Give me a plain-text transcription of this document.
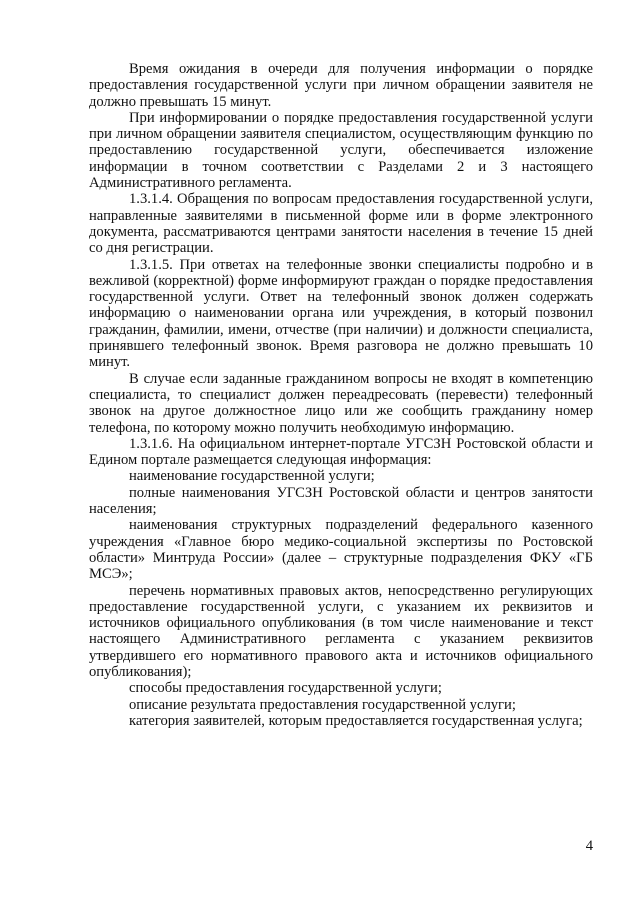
Время ожидания в очереди для получения информации о порядке предоставления государственной услуги при личном обращении заявителя не должно превышать 15 минут.

При информировании о порядке предоставления государственной услуги при личном обращении заявителя специалистом, осуществляющим функцию по предоставлению государственной услуги, обеспечивается изложение информации в точном соответствии с Разделами 2 и 3 настоящего Административного регламента.

1.3.1.4. Обращения по вопросам предоставления государственной услуги, направленные заявителями в письменной форме или в форме электронного документа, рассматриваются центрами занятости населения в течение 15 дней со дня регистрации.

1.3.1.5. При ответах на телефонные звонки специалисты подробно и в вежливой (корректной) форме информируют граждан о порядке предоставления государственной услуги. Ответ на телефонный звонок должен содержать информацию о наименовании органа или учреждения, в который позвонил гражданин, фамилии, имени, отчестве (при наличии) и должности специалиста, принявшего телефонный звонок. Время разговора не должно превышать 10 минут.

В случае если заданные гражданином вопросы не входят в компетенцию специалиста, то специалист должен переадресовать (перевести) телефонный звонок на другое должностное лицо или же сообщить гражданину номер телефона, по которому можно получить необходимую информацию.

1.3.1.6. На официальном интернет-портале УГСЗН Ростовской области и Едином портале размещается следующая информация:

наименование государственной услуги;

полные наименования УГСЗН Ростовской области и центров занятости населения;

наименования структурных подразделений федерального казенного учреждения «Главное бюро медико-социальной экспертизы по Ростовской области» Минтруда России» (далее – структурные подразделения ФКУ «ГБ МСЭ»;

перечень нормативных правовых актов, непосредственно регулирующих предоставление государственной услуги, с указанием их реквизитов и источников официального опубликования (в том числе наименование и текст настоящего Административного регламента с указанием реквизитов утвердившего его нормативного правового акта и источников официального опубликования);

способы предоставления государственной услуги;

описание результата предоставления государственной услуги;

категория заявителей, которым предоставляется государственная услуга;

4
